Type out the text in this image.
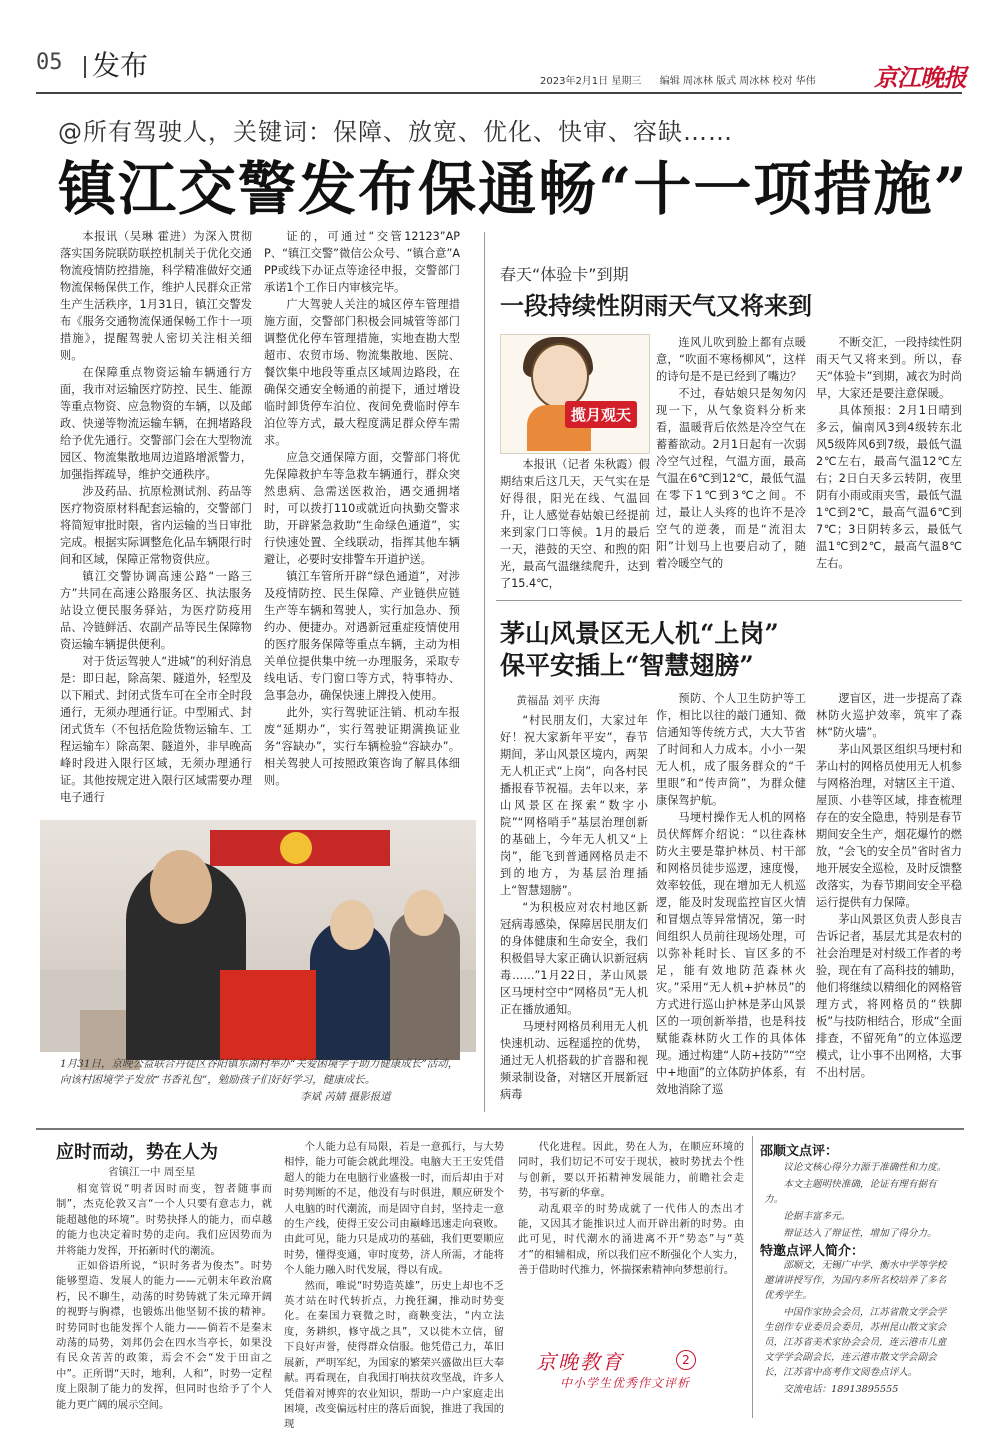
05 发布	2023年2月1日 星期三 编辑 周冰林 版式 周冰林 校对 华伟 京江晚报
@所有驾驶人，关键词：保障、放宽、优化、快审、容缺……
镇江交警发布保通畅“十一项措施”

本报讯（吴琳 霍进）为深入贯彻落实国务院联防联控机制关于优化交通物流疫情防控措施，科学精准做好交通物流保畅保供工作，维护人民群众正常生产生活秩序，1月31日，镇江交警发布《服务交通物流保通保畅工作十一项措施》，提醒驾驶人密切关注相关细则。

在保障重点物资运输车辆通行方面，我市对运输医疗防控、民生、能源等重点物资、应急物资的车辆，以及邮政、快递等物流运输车辆，在拥堵路段给予优先通行。交警部门会在大型物流园区、物流集散地周边道路增派警力，加强指挥疏导，维护交通秩序。

涉及药品、抗原检测试剂、药品等医疗物资原材料配套运输的，交警部门将简短审批时限，省内运输的当日审批完成。根据实际调整危化品车辆限行时间和区域，保障正常物资供应。

镇江交警协调高速公路“一路三方”共同在高速公路服务区、执法服务站设立便民服务驿站，为医疗防疫用品、冷链鲜活、农副产品等民生保障物资运输车辆提供便利。

对于货运驾驶人“进城”的利好消息是：即日起，除高架、隧道外，轻型及以下厢式、封闭式货车可在全市全时段通行，无须办理通行证。中型厢式、封闭式货车（不包括危险货物运输车、工程运输车）除高架、隧道外，非早晚高峰时段进入限行区域，无须办理通行证。其他按规定进入限行区域需要办理电子通行

证的，可通过“交管12123”APP、“镇江交警”微信公众号、“镇合意”APP或线下办证点等途径申报，交警部门承诺1个工作日内审核完毕。

广大驾驶人关注的城区停车管理措施方面，交警部门积极会同城管等部门调整优化停车管理措施，实地查勘大型超市、农贸市场、物流集散地、医院、餐饮集中地段等重点区域周边路段，在确保交通安全畅通的前提下，通过增设临时卸货停车泊位、夜间免费临时停车泊位等方式，最大程度满足群众停车需求。

应急交通保障方面，交警部门将优先保障救护车等急救车辆通行，群众突然患病、急需送医救治，遇交通拥堵时，可以拨打110或就近向执勤交警求助，开辟紧急救助“生命绿色通道”，实行快速处置、全线联动，指挥其他车辆避让，必要时安排警车开道护送。

镇江车管所开辟“绿色通道”，对涉及疫情防控、民生保障、产业链供应链生产等车辆和驾驶人，实行加急办、预约办、便捷办。对遇新冠重症疫情使用的医疗服务保障等重点车辆，主动为相关单位提供集中统一办理服务，采取专线电话、专门窗口等方式，特事特办、急事急办，确保快速上牌投入使用。

此外，实行驾驶证注销、机动车报废“延期办”，实行驾驶证期满换证业务“容缺办”，实行车辆检验“容缺办”。相关驾驶人可按照政策咨询了解具体细则。

春天“体验卡”到期
一段持续性阴雨天气又将来到
揽月观天

本报讯（记者 朱秋霞）假期结束后这几天，天气实在是好得很，阳光在线、气温回升，让人感觉春姑娘已经提前来到家门口等候。1月的最后一天，港鼓的天空、和煦的阳光，最高气温继续爬升，达到了15.4℃，

连风儿吹到脸上都有点暖意，“吹面不寒杨柳风”，这样的诗句是不是已经到了嘴边？

不过，春姑娘只是匆匆闪现一下，从气象资料分析来看，温暖背后依然是冷空气在蓄蓄欲动。2月1日起有一次弱冷空气过程，气温方面，最高气温在6℃到12℃，最低气温在零下1℃到3℃之间。不过，最让人头疼的也许不是冷空气的逆袭，而是“流泪太阳”计划马上也要启动了，随着冷暖空气的

不断交汇，一段持续性阴雨天气又将来到。所以，春天“体验卡”到期，减衣为时尚早，大家还是要注意保暖。

具体预报：2月1日晴到多云，偏南风3到4级转东北风5级阵风6到7级，最低气温2℃左右，最高气温12℃左右；2日白天多云转阴，夜里阴有小雨或雨夹雪，最低气温1℃到2℃，最高气温6℃到7℃；3日阴转多云，最低气温1℃到2℃，最高气温8℃左右。

茅山风景区无人机“上岗”
保平安插上“智慧翅膀”
黄福晶 刘平 庆海

“村民朋友们，大家过年好！祝大家新年平安”，春节期间，茅山风景区境内，两架无人机正式“上岗”，向各村民播报春节祝福。去年以来，茅山风景区在探索“数字小院”“网格哨手”基层治理创新的基础上，今年无人机又“上岗”，能飞到普通网格员走不到的地方，为基层治理插上“智慧翅膀”。

“为积极应对农村地区新冠病毒感染，保障居民朋友们的身体健康和生命安全，我们积极倡导大家正确认识新冠病毒……”1月22日，茅山风景区马埂村空中“网格员”无人机正在播放通知。

马埂村网格员利用无人机快速机动、远程遥控的优势，通过无人机搭载的扩音器和视频录制设备，对辖区开展新冠病毒

预防、个人卫生防护等工作，相比以往的敲门通知、微信通知等传统方式，大大节省了时间和人力成本。小小一架无人机，成了服务群众的“千里眼”和“传声筒”，为群众健康保驾护航。

马埂村操作无人机的网格员伏辉辉介绍说：“以往森林防火主要是靠护林员、村干部和网格员徒步巡逻，速度慢，效率较低，现在增加无人机巡逻，能及时发现监控盲区火情和冒烟点等异常情况，第一时间组织人员前往现场处理，可以弥补耗时长、盲区多的不足，能有效地防范森林火灾。”采用“无人机+护林员”的方式进行巡山护林是茅山风景区的一项创新举措，也是科技赋能森林防火工作的具体体现。通过构建“人防+技防”“空中+地面”的立体防护体系，有效地消除了巡

逻盲区，进一步提高了森林防火巡护效率，筑牢了森林“防火墙”。

茅山风景区组织马埂村和茅山村的网格员使用无人机参与网格治理，对辖区主干道、屋顶、小巷等区域，排查梳理存在的安全隐患，特别是春节期间安全生产，烟花爆竹的燃放，“会飞的安全员”省时省力地开展安全巡检，及时反馈整改落实，为春节期间安全平稳运行提供有力保障。

茅山风景区负责人彭良吉告诉记者，基层尤其是农村的社会治理是对村级工作者的考验，现在有了高科技的辅助，他们将继续以精细化的网格管理方式，将网格员的“铁脚板”与技防相结合，形成“全面排查，不留死角”的立体巡逻模式，让小事不出网格，大事不出村居。

1月31日，京晚公益联合丹徒区谷阳镇东湖村举办“关爱困境学子助力健康成长”活动，向该村困境学子发放“书香礼包”，勉励孩子们好好学习，健康成长。
李斌 芮婧 摄影报道
应时而动，势在人为
省镇江一中 周至星

相宽管说“明者因时而变，智者随事而制”，杰克伦敦又言“一个人只要有意志力，就能超越他的环境”。时势抉择人的能力，而卓越的能力也决定着时势的走向。我们应因势而为并将能力发挥，开拓新时代的潮流。

正如俗语所说，“识时务者为俊杰”。时势能够塑造、发展人的能力——元朝末年政治腐朽，民不聊生，动荡的时势铸就了朱元璋开阔的视野与胸襟，也锻炼出他坚韧不拔的精神。时势同时也能发挥个人能力——倘若不是秦末动荡的局势，刘邦仍会在四水当亭长，如果没有民众苦苦的政策，焉会不会“发于田亩之中”。正所谓“天时，地利，人和”，时势一定程度上限制了能力的发挥，但同时也给予了个人能力更广阔的展示空间。

个人能力总有局限，若是一意孤行，与大势相悖，能力可能会就此埋没。电脑大王王安凭借超人的能力在电脑行业盛极一时，而后却由于对时势判断的不足，他没有与时俱进，顺应研发个人电脑的时代潮流，而是固守自封，坚持走一意的生产线，使得王安公司由巅峰迅速走向衰败。由此可见，能力只是成功的基础，我们更要顺应时势，懂得变通，审时度势，济人所需，才能将个人能力融入时代发展，得以有成。

然而，唯说“时势造英雄”，历史上却也不乏英才站在时代转折点，力挽狂澜，推动时势变化。在秦国力衰微之时，商鞅变法，“内立法度，务耕织，修守战之具”，又以徙木立信，留下良好声誉，使得群众信服。他凭借己力，革旧展新，严明军纪，为国家的繁荣兴盛做出巨大奉献。再看现在，自我国打响扶贫攻坚战，许多人凭借着对博弈的农业知识，帮助一户户家庭走出困境，改变偏远村庄的落后面貌，推进了我国的现

代化进程。因此，势在人为，在顺应环境的同时，我们切记不可安于现状，被时势扰去个性与创新，要以开拓精神发展能力，前瞻社会走势，书写新的华章。

动乱艰辛的时势成就了一代伟人的杰出才能，又因其才能推识过人而开辟出新的时势。由此可见，时代潮水的涌进离不开“势态”与“英才”的相辅相成，所以我们应不断强化个人实力，善于借助时代推力，怀揣探索精神向梦想前行。

京晚教育	2
中小学生优秀作文评析
邵顺文点评：

议论文核心得分力源于准确性和力度。

本文主题明快准确，论证有理有据有力。

论据丰富多元。

辩证达入了辩证性，增加了得分力。

特邀点评人简介：

邵顺文，无锡广中学、衡水中学等学校邀请讲授写作，为国内多所名校培养了多名优秀学生。

中国作家协会会员，江苏省散文学会学生创作专业委员会委员，苏州昆山散文家会员，江苏省美术家协会会员，连云港市儿童文学学会副会长，连云港市散文学会副会长，江苏省中高考作文阅卷点评人。

交流电话：18913895555
